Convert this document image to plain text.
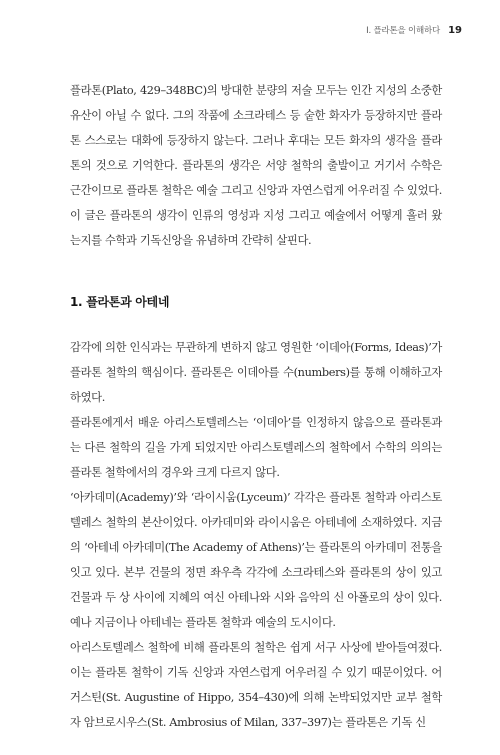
I. 플라톤을 이해하다 19

플라톤(Plato, 429–348BC)의 방대한 분량의 저술 모두는 인간 지성의 소중한 유산이 아닐 수 없다. 그의 작품에 소크라테스 등 숱한 화자가 등장하지만 플라톤 스스로는 대화에 등장하지 않는다. 그러나 후대는 모든 화자의 생각을 플라톤의 것으로 기억한다. 플라톤의 생각은 서양 철학의 출발이고 거기서 수학은 근간이므로 플라톤 철학은 예술 그리고 신앙과 자연스럽게 어우러질 수 있었다. 이 글은 플라톤의 생각이 인류의 영성과 지성 그리고 예술에서 어떻게 흘러 왔는지를 수학과 기독신앙을 유념하며 간략히 살핀다.

1. 플라톤과 아테네

감각에 의한 인식과는 무관하게 변하지 않고 영원한 ‘이데아(Forms, Ideas)’가 플라톤 철학의 핵심이다. 플라톤은 이데아를 수(numbers)를 통해 이해하고자 하였다.

플라톤에게서 배운 아리스토텔레스는 ‘이데아’를 인정하지 않음으로 플라톤과는 다른 철학의 길을 가게 되었지만 아리스토텔레스의 철학에서 수학의 의의는 플라톤 철학에서의 경우와 크게 다르지 않다.

‘아카데미(Academy)’와 ‘라이시움(Lyceum)’ 각각은 플라톤 철학과 아리스토텔레스 철학의 본산이었다. 아카데미와 라이시움은 아테네에 소재하였다. 지금의 ‘아테네 아카데미(The Academy of Athens)’는 플라톤의 아카데미 전통을 잇고 있다. 본부 건물의 정면 좌우측 각각에 소크라테스와 플라톤의 상이 있고 건물과 두 상 사이에 지혜의 여신 아테나와 시와 음악의 신 아폴로의 상이 있다. 예나 지금이나 아테네는 플라톤 철학과 예술의 도시이다.

아리스토텔레스 철학에 비해 플라톤의 철학은 쉽게 서구 사상에 받아들여졌다. 이는 플라톤 철학이 기독 신앙과 자연스럽게 어우러질 수 있기 때문이었다. 어거스틴(St. Augustine of Hippo, 354–430)에 의해 논박되었지만 교부 철학자 암브로시우스(St. Ambrosius of Milan, 337–397)는 플라톤은 기독 신
